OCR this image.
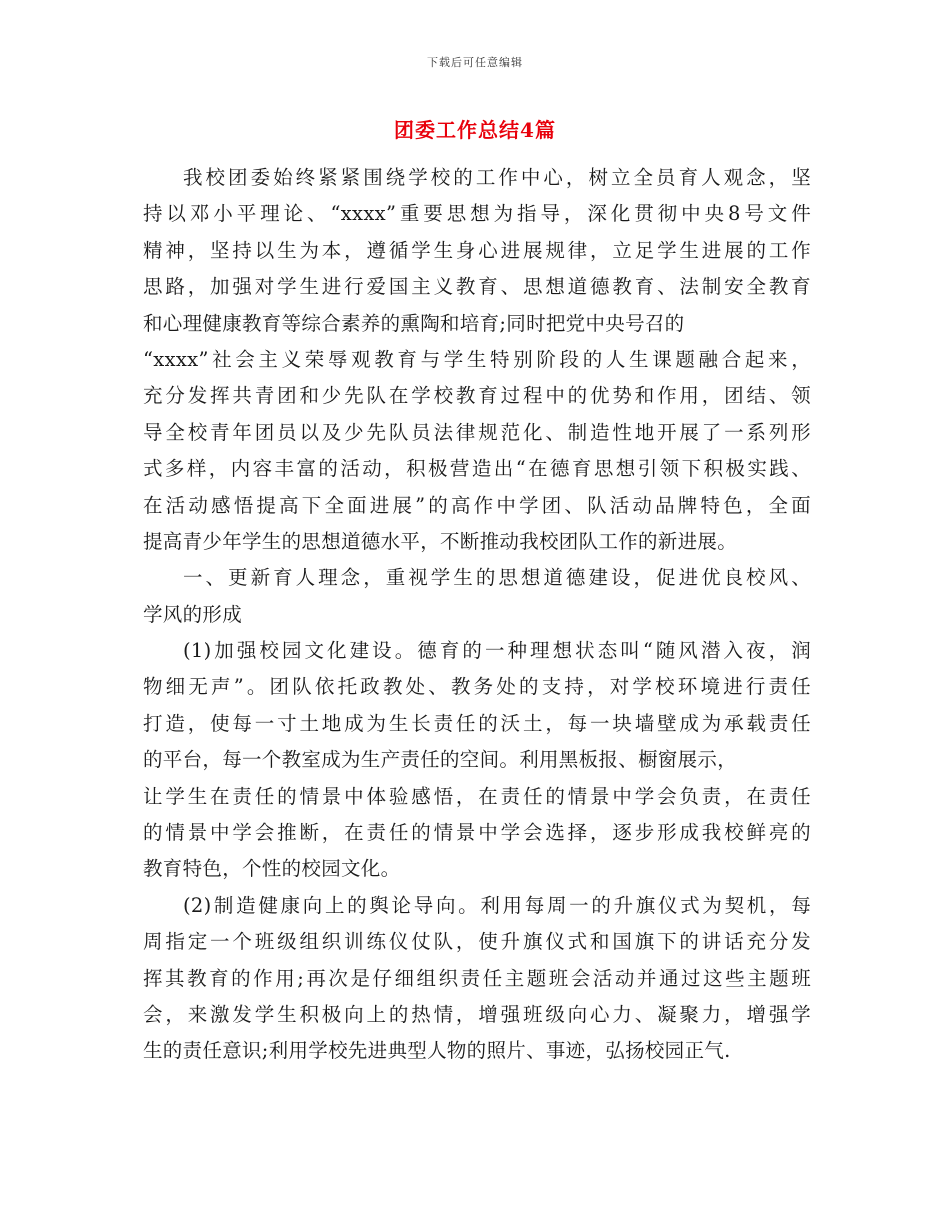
下载后可任意编辑
团委工作总结4篇
我校团委始终紧紧围绕学校的工作中心，树立全员育人观念，坚
持以邓小平理论、“xxxx”重要思想为指导，深化贯彻中央8号文件
精神，坚持以生为本，遵循学生身心进展规律，立足学生进展的工作
思路，加强对学生进行爱国主义教育、思想道德教育、法制安全教育
和心理健康教育等综合素养的熏陶和培育;同时把党中央号召的
“xxxx”社会主义荣辱观教育与学生特别阶段的人生课题融合起来，
充分发挥共青团和少先队在学校教育过程中的优势和作用，团结、领
导全校青年团员以及少先队员法律规范化、制造性地开展了一系列形
式多样，内容丰富的活动，积极营造出“在德育思想引领下积极实践、
在活动感悟提高下全面进展”的高作中学团、队活动品牌特色，全面
提高青少年学生的思想道德水平，不断推动我校团队工作的新进展。
一、更新育人理念，重视学生的思想道德建设，促进优良校风、
学风的形成
(1)加强校园文化建设。德育的一种理想状态叫“随风潜入夜，润
物细无声”。团队依托政教处、教务处的支持，对学校环境进行责任
打造，使每一寸土地成为生长责任的沃土，每一块墙壁成为承载责任
的平台，每一个教室成为生产责任的空间。利用黑板报、橱窗展示，
让学生在责任的情景中体验感悟，在责任的情景中学会负责，在责任
的情景中学会推断，在责任的情景中学会选择，逐步形成我校鲜亮的
教育特色，个性的校园文化。
(2)制造健康向上的舆论导向。利用每周一的升旗仪式为契机，每
周指定一个班级组织训练仪仗队，使升旗仪式和国旗下的讲话充分发
挥其教育的作用;再次是仔细组织责任主题班会活动并通过这些主题班
会，来激发学生积极向上的热情，增强班级向心力、凝聚力，增强学
生的责任意识;利用学校先进典型人物的照片、事迹，弘扬校园正气.
